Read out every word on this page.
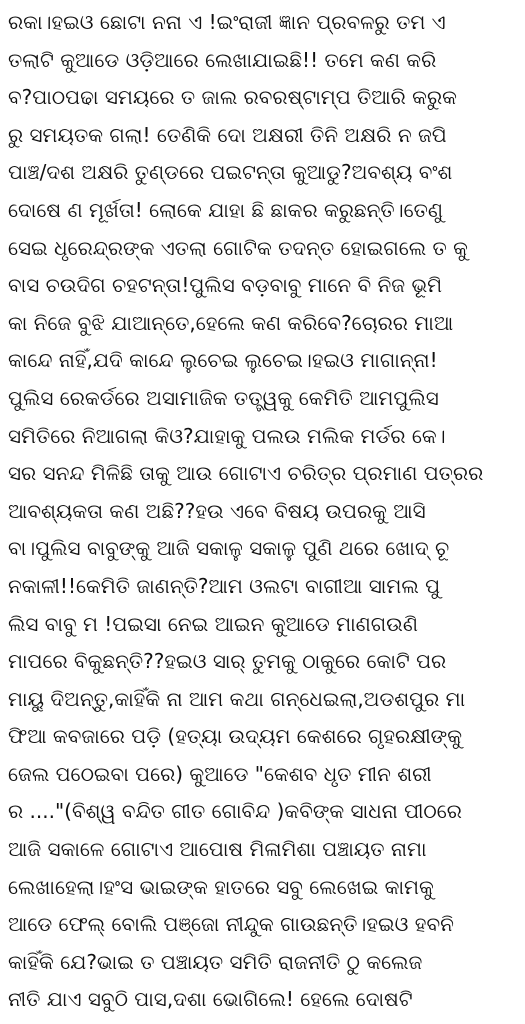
ରକା।ହଇଓ ଛୋଟା ନନା ଏ !ଇଂରାଜୀ ଜ୍ଞାନ ପ୍ରବଳରୁ ତମ ଏ
ତଲାଟି କୁଆଡେ ଓଡ଼ିଆରେ ଲେଖାଯାଇଛି!! ତମେ କଣ କରି
ବ?ପାଠପଢା ସମୟରେ ତ ଜାଲ ରବରଷ୍ଟାମ୍ପ ତିଆରି କରୁକ
ରୁ ସମୟତକ ଗଲା! ତେଣିକି ଦୋ ଅକ୍ଷରୀ ତିନି ଅକ୍ଷରି ନ ଜପି
ପାଞ୍ଚ/ଦଶ ଅକ୍ଷରି ତୁଣ୍ଡରେ ପଇଟନ୍ତା କୁଆଡୁ?ଅବଶ୍ୟ ବଂଶ
ଦୋଷେ ଣ ମୂର୍ଖତା! ଲୋକେ ଯାହା ଛି ଛାକର କରୁଛନ୍ତି।ତେଣୁ
ସେଇ ଧୃରେନ୍ଦ୍ରଙ୍କ ଏତଲା ଗୋଟିକ ତଦନ୍ତ ହୋଇଗଲେ ତ କୁ
ବାସ ଚଉଦିଗ ଚହଟନ୍ତା!ପୁଲିସ ବଡ଼ବାବୁ ମାନେ ବି ନିଜ ଭୂମି
କା ନିଜେ ବୁଝି ଯାଆନ୍ତେ,ହେଲେ କଣ କରିବେ?ଚୋରର ମାଆ
କାନ୍ଦେ ନାହିଁ,ଯଦି କାନ୍ଦେ ଲୁଚେଇ ଲୁଚେଇ।ହଇଓ ମାଗାନ୍ନା!
ପୁଲିସ ରେକର୍ଡରେ ଅସାମାଜିକ ତତ୍ତ୍ୱକୁ କେମିତି ଆମପୁଲିସ
ସମିତିରେ ନିଆଗଲା କିଓ?ଯାହାକୁ ପଲଉ ମଲିକ ମର୍ଡର କେ।
ସର ସନନ୍ଦ ମିଳିଛି ତାକୁ ଆଉ ଗୋଟାଏ ଚରିତ୍ର ପ୍ରମାଣ ପତ୍ରର
ଆବଶ୍ୟକତା କଣ ଅଛି??ହଉ ଏବେ ବିଷୟ ଉପରକୁ ଆସି
ବା।ପୁଲିସ ବାବୁଙ୍କୁ ଆଜି ସକାଳୁ ସକାଳୁ ପୁଣି ଥରେ ଖୋଦ୍ ଚୂ
ନକାଳୀ!!କେମିତି ଜାଣନ୍ତି?ଆମ ଓଲଟା ବାଗୀଆ ସାମଲ ପୁ
ଲିସ ବାବୁ ମ !ପଇସା ନେଇ ଆଇନ କୁଆଡେ ମାଣଗଉଣି
ମାପରେ ବିକୁଛନ୍ତି??ହଇଓ ସାର୍ ତୁମକୁ ଠାକୁରେ କୋଟି ପର
ମାୟୁ ଦିଅନ୍ତୁ,କାହିଁକି ନା ଆମ କଥା ଗନ୍ଧେଇଲା,ଅଡଶପୁର ମା
ଫିଆ କବଜାରେ ପଡ଼ି (ହତ୍ୟା ଉଦ୍ୟମ କେଶରେ ଗୃହରକ୍ଷୀଙ୍କୁ
ଜେଲ ପଠେଇବା ପରେ) କୁଆଡେ "କେଶବ ଧୃତ ମୀନ ଶରୀ
ର ...."(ବିଶ୍ୱ ବନ୍ଦିତ ଗୀତ ଗୋବିନ୍ଦ )କବିଙ୍କ ସାଧନା ପୀଠରେ
ଆଜି ସକାଳେ ଗୋଟାଏ ଆପୋଷ ମିଳାମିଶା ପଞ୍ଚାୟତ ନାମା
ଲେଖାହେଲା।ହଂସ ଭାଇଙ୍କ ହାତରେ ସବୁ ଲେଖେଇ କାମକୁ
ଆଡେ ଫେଲ୍ ବୋଲି ପଞ୍ଜୋ ନୀନ୍ଦୁକ ଗାଉଛନ୍ତି।ହଇଓ ହବନି
କାହିଁକି ଯେ?ଭାଇ ତ ପଞ୍ଚାୟତ ସମିତି ରାଜନୀତି ଠୁ କଲେଜ
ନୀତି ଯାଏ ସବୁଠି ପାସ,ଦଶା ଭୋଗିଲେ! ହେଲେ ଦୋଷଟି
